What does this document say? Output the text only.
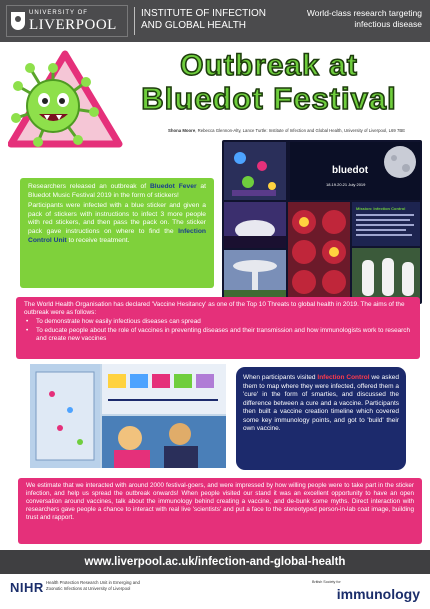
UNIVERSITY OF
LIVERPOOL
INSTITUTE OF INFECTION AND GLOBAL HEALTH
World-class research targeting infectious disease
Outbreak at
Bluedot Festival
Shona Moore, Rebecca Glennon-Alty, Lance Turtle: Institute of Infection and Global Health, University of Liverpool, L69 7BE

Researchers released an outbreak of Bluedot Fever at Bluedot Music Festival 2019 in the form of stickers!

Participants were infected with a blue sticker and given a pack of stickers with instructions to infect 3 more people with red stickers, and then pass the pack on. The sticker pack gave instructions on where to find the Infection Control Unit to receive treatment.

bluedot
18.19.20.21 July 2019
Mission: Infection Control
The World Health Organisation has declared 'Vaccine Hesitancy' as one of the Top 10 Threats to global health in 2019. The aims of the outbreak were as follows:
• To demonstrate how easily infectious diseases can spread
• To educate people about the role of vaccines in preventing diseases and their transmission and how immunologists work to research and create new vaccines
When participants visited Infection Control we asked them to map where they were infected, offered them a 'cure' in the form of smarties, and discussed the difference between a cure and a vaccine. Participants then built a vaccine creation timeline which covered some key immunology points, and got to 'build' their own vaccine.
We estimate that we interacted with around 2000 festival-goers, and were impressed by how willing people were to take part in the sticker infection, and help us spread the outbreak onwards! When people visited our stand it was an excellent opportunity to have an open conversation around vaccines, talk about the immunology behind creating a vaccine, and de-bunk some myths. Direct interaction with researchers gave people a chance to interact with real live 'scientists' and put a face to the stereotyped person-in-lab coat image, building trust and rapport.
www.liverpool.ac.uk/infection-and-global-health
NIHR Health Protection Research Unit in Emerging and Zoonotic Infections at University of Liverpool
British Society for
immunology
